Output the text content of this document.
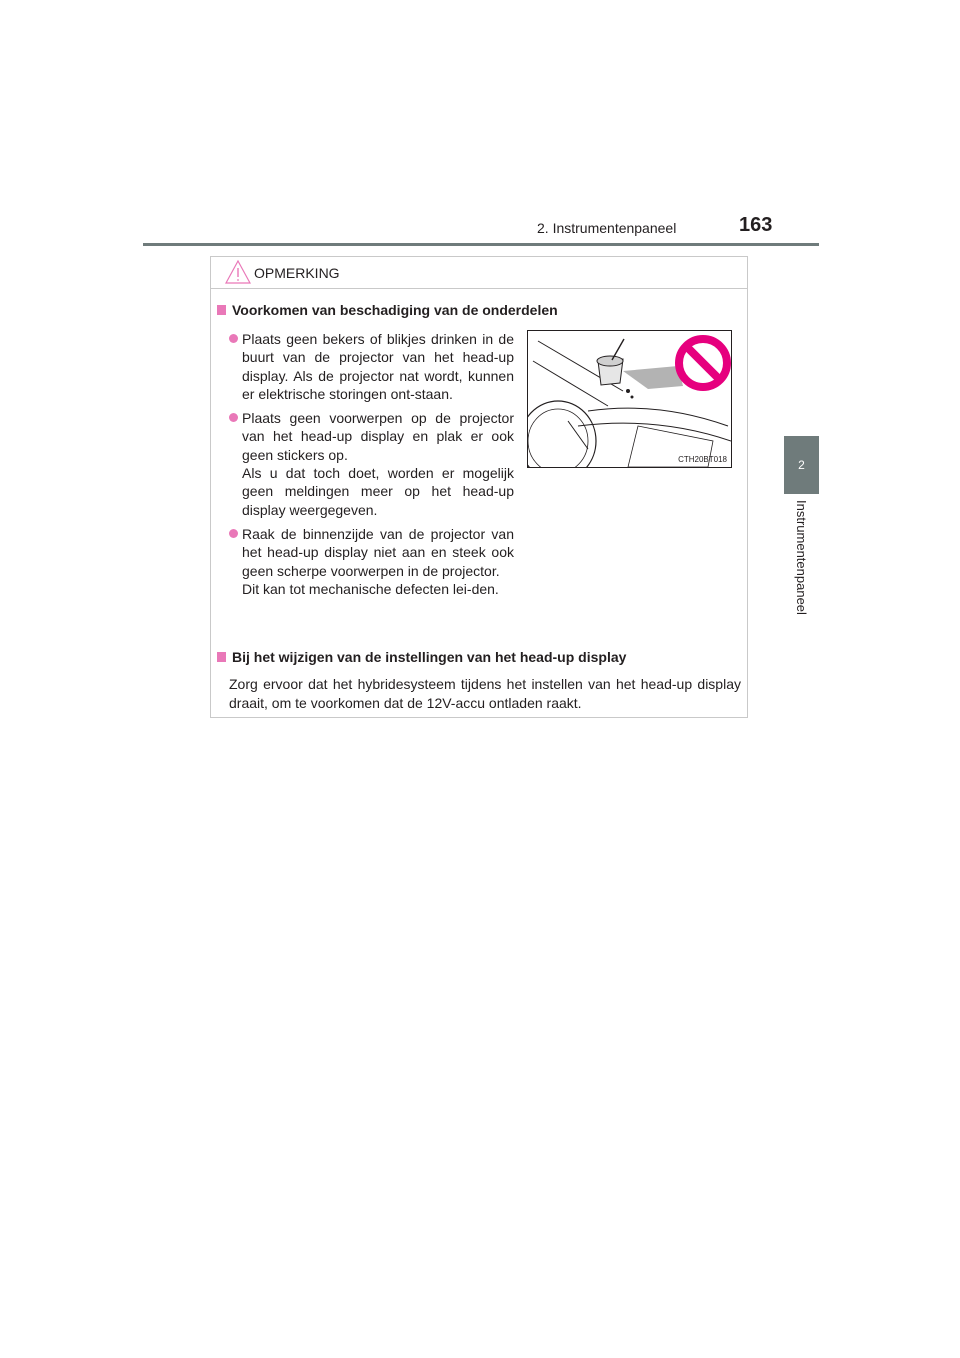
2. Instrumentenpaneel	163
2
Instrumentenpaneel
OPMERKING
Voorkomen van beschadiging van de onderdelen

Plaats geen bekers of blikjes drinken in de buurt van de projector van het head-up display. Als de projector nat wordt, kunnen er elektrische storingen ont-staan.

Plaats geen voorwerpen op de projector van het head-up display en plak er ook geen stickers op.

Als u dat toch doet, worden er mogelijk geen meldingen meer op het head-up display weergegeven.

Raak de binnenzijde van de projector van het head-up display niet aan en steek ook geen scherpe voorwerpen in de projector.

Dit kan tot mechanische defecten lei-den.

CTH20BT018
Bij het wijzigen van de instellingen van het head-up display

Zorg ervoor dat het hybridesysteem tijdens het instellen van het head-up display draait, om te voorkomen dat de 12V-accu ontladen raakt.
